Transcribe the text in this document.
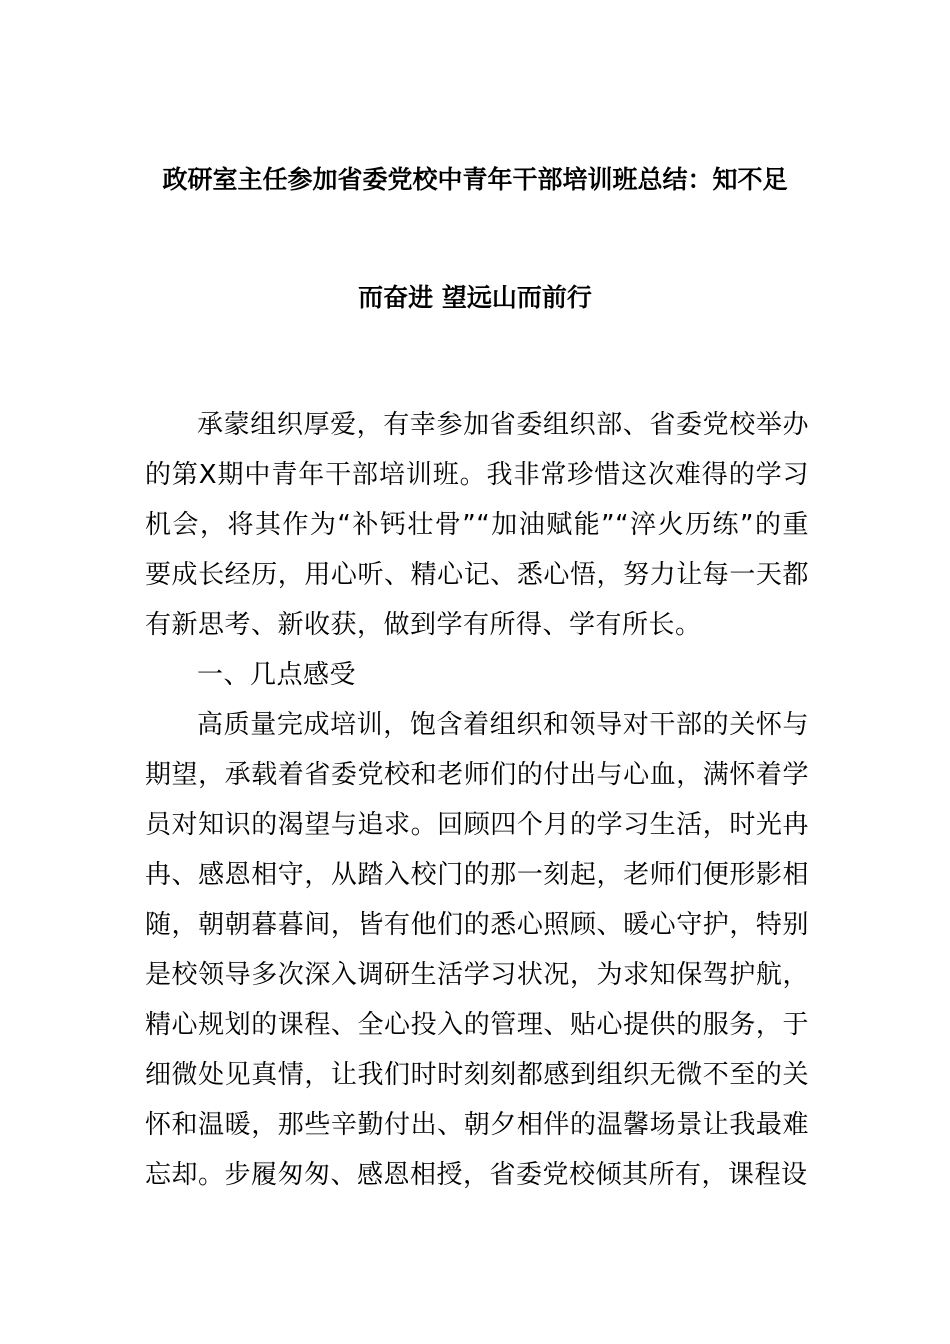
政研室主任参加省委党校中青年干部培训班总结：知不足
而奋进 望远山而前行

承蒙组织厚爱，有幸参加省委组织部、省委党校举办的第X期中青年干部培训班。我非常珍惜这次难得的学习机会，将其作为“补钙壮骨”“加油赋能”“淬火历练”的重要成长经历，用心听、精心记、悉心悟，努力让每一天都有新思考、新收获，做到学有所得、学有所长。

一、几点感受

高质量完成培训，饱含着组织和领导对干部的关怀与期望，承载着省委党校和老师们的付出与心血，满怀着学员对知识的渴望与追求。回顾四个月的学习生活，时光冉冉、感恩相守，从踏入校门的那一刻起，老师们便形影相随，朝朝暮暮间，皆有他们的悉心照顾、暖心守护，特别是校领导多次深入调研生活学习状况，为求知保驾护航，精心规划的课程、全心投入的管理、贴心提供的服务，于细微处见真情，让我们时时刻刻都感到组织无微不至的关怀和温暖，那些辛勤付出、朝夕相伴的温馨场景让我最难忘却。步履匆匆、感恩相授，省委党校倾其所有，课程设
